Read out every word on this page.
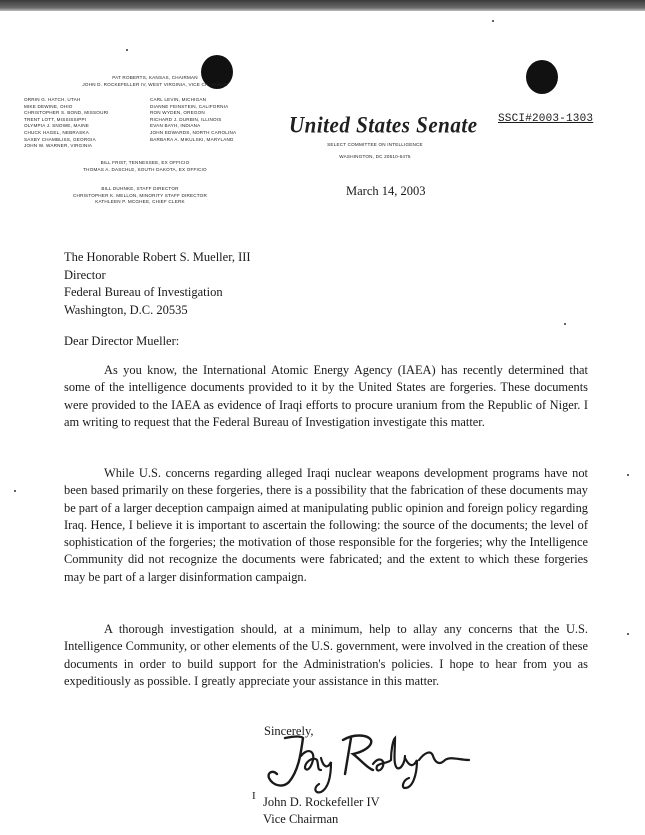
PAT ROBERTS, KANSAS, CHAIRMAN
JOHN D. ROCKEFELLER IV, WEST VIRGINIA, VICE CHAIRMAN
ORRIN G. HATCH, UTAH
MIKE DEWINE, OHIO
CHRISTOPHER S. BOND, MISSOURI
TRENT LOTT, MISSISSIPPI
OLYMPIA J. SNOWE, MAINE
CHUCK HAGEL, NEBRASKA
SAXBY CHAMBLISS, GEORGIA
JOHN W. WARNER, VIRGINIA
CARL LEVIN, MICHIGAN
DIANNE FEINSTEIN, CALIFORNIA
RON WYDEN, OREGON
RICHARD J. DURBIN, ILLINOIS
EVAN BAYH, INDIANA
JOHN EDWARDS, NORTH CAROLINA
BARBARA A. MIKULSKI, MARYLAND
BILL FRIST, TENNESSEE, EX OFFICIO
THOMAS A. DASCHLE, SOUTH DAKOTA, EX OFFICIO
BILL DUHNKE, STAFF DIRECTOR
CHRISTOPHER K. MELLON, MINORITY STAFF DIRECTOR
KATHLEEN P. MCGHEE, CHIEF CLERK
United States Senate
SELECT COMMITTEE ON INTELLIGENCE
WASHINGTON, DC 20510-6475
SSCI#2003-1303
March 14, 2003
The Honorable Robert S. Mueller, III
Director
Federal Bureau of Investigation
Washington, D.C. 20535
Dear Director Mueller:
As you know, the International Atomic Energy Agency (IAEA) has recently determined that some of the intelligence documents provided to it by the United States are forgeries. These documents were provided to the IAEA as evidence of Iraqi efforts to procure uranium from the Republic of Niger. I am writing to request that the Federal Bureau of Investigation investigate this matter.
While U.S. concerns regarding alleged Iraqi nuclear weapons development programs have not been based primarily on these forgeries, there is a possibility that the fabrication of these documents may be part of a larger deception campaign aimed at manipulating public opinion and foreign policy regarding Iraq. Hence, I believe it is important to ascertain the following: the source of the documents; the level of sophistication of the forgeries; the motivation of those responsible for the forgeries; why the Intelligence Community did not recognize the documents were fabricated; and the extent to which these forgeries may be part of a larger disinformation campaign.
A thorough investigation should, at a minimum, help to allay any concerns that the U.S. Intelligence Community, or other elements of the U.S. government, were involved in the creation of these documents in order to build support for the Administration's policies. I hope to hear from you as expeditiously as possible. I greatly appreciate your assistance in this matter.
Sincerely,
I John D. Rockefeller IV
Vice Chairman
